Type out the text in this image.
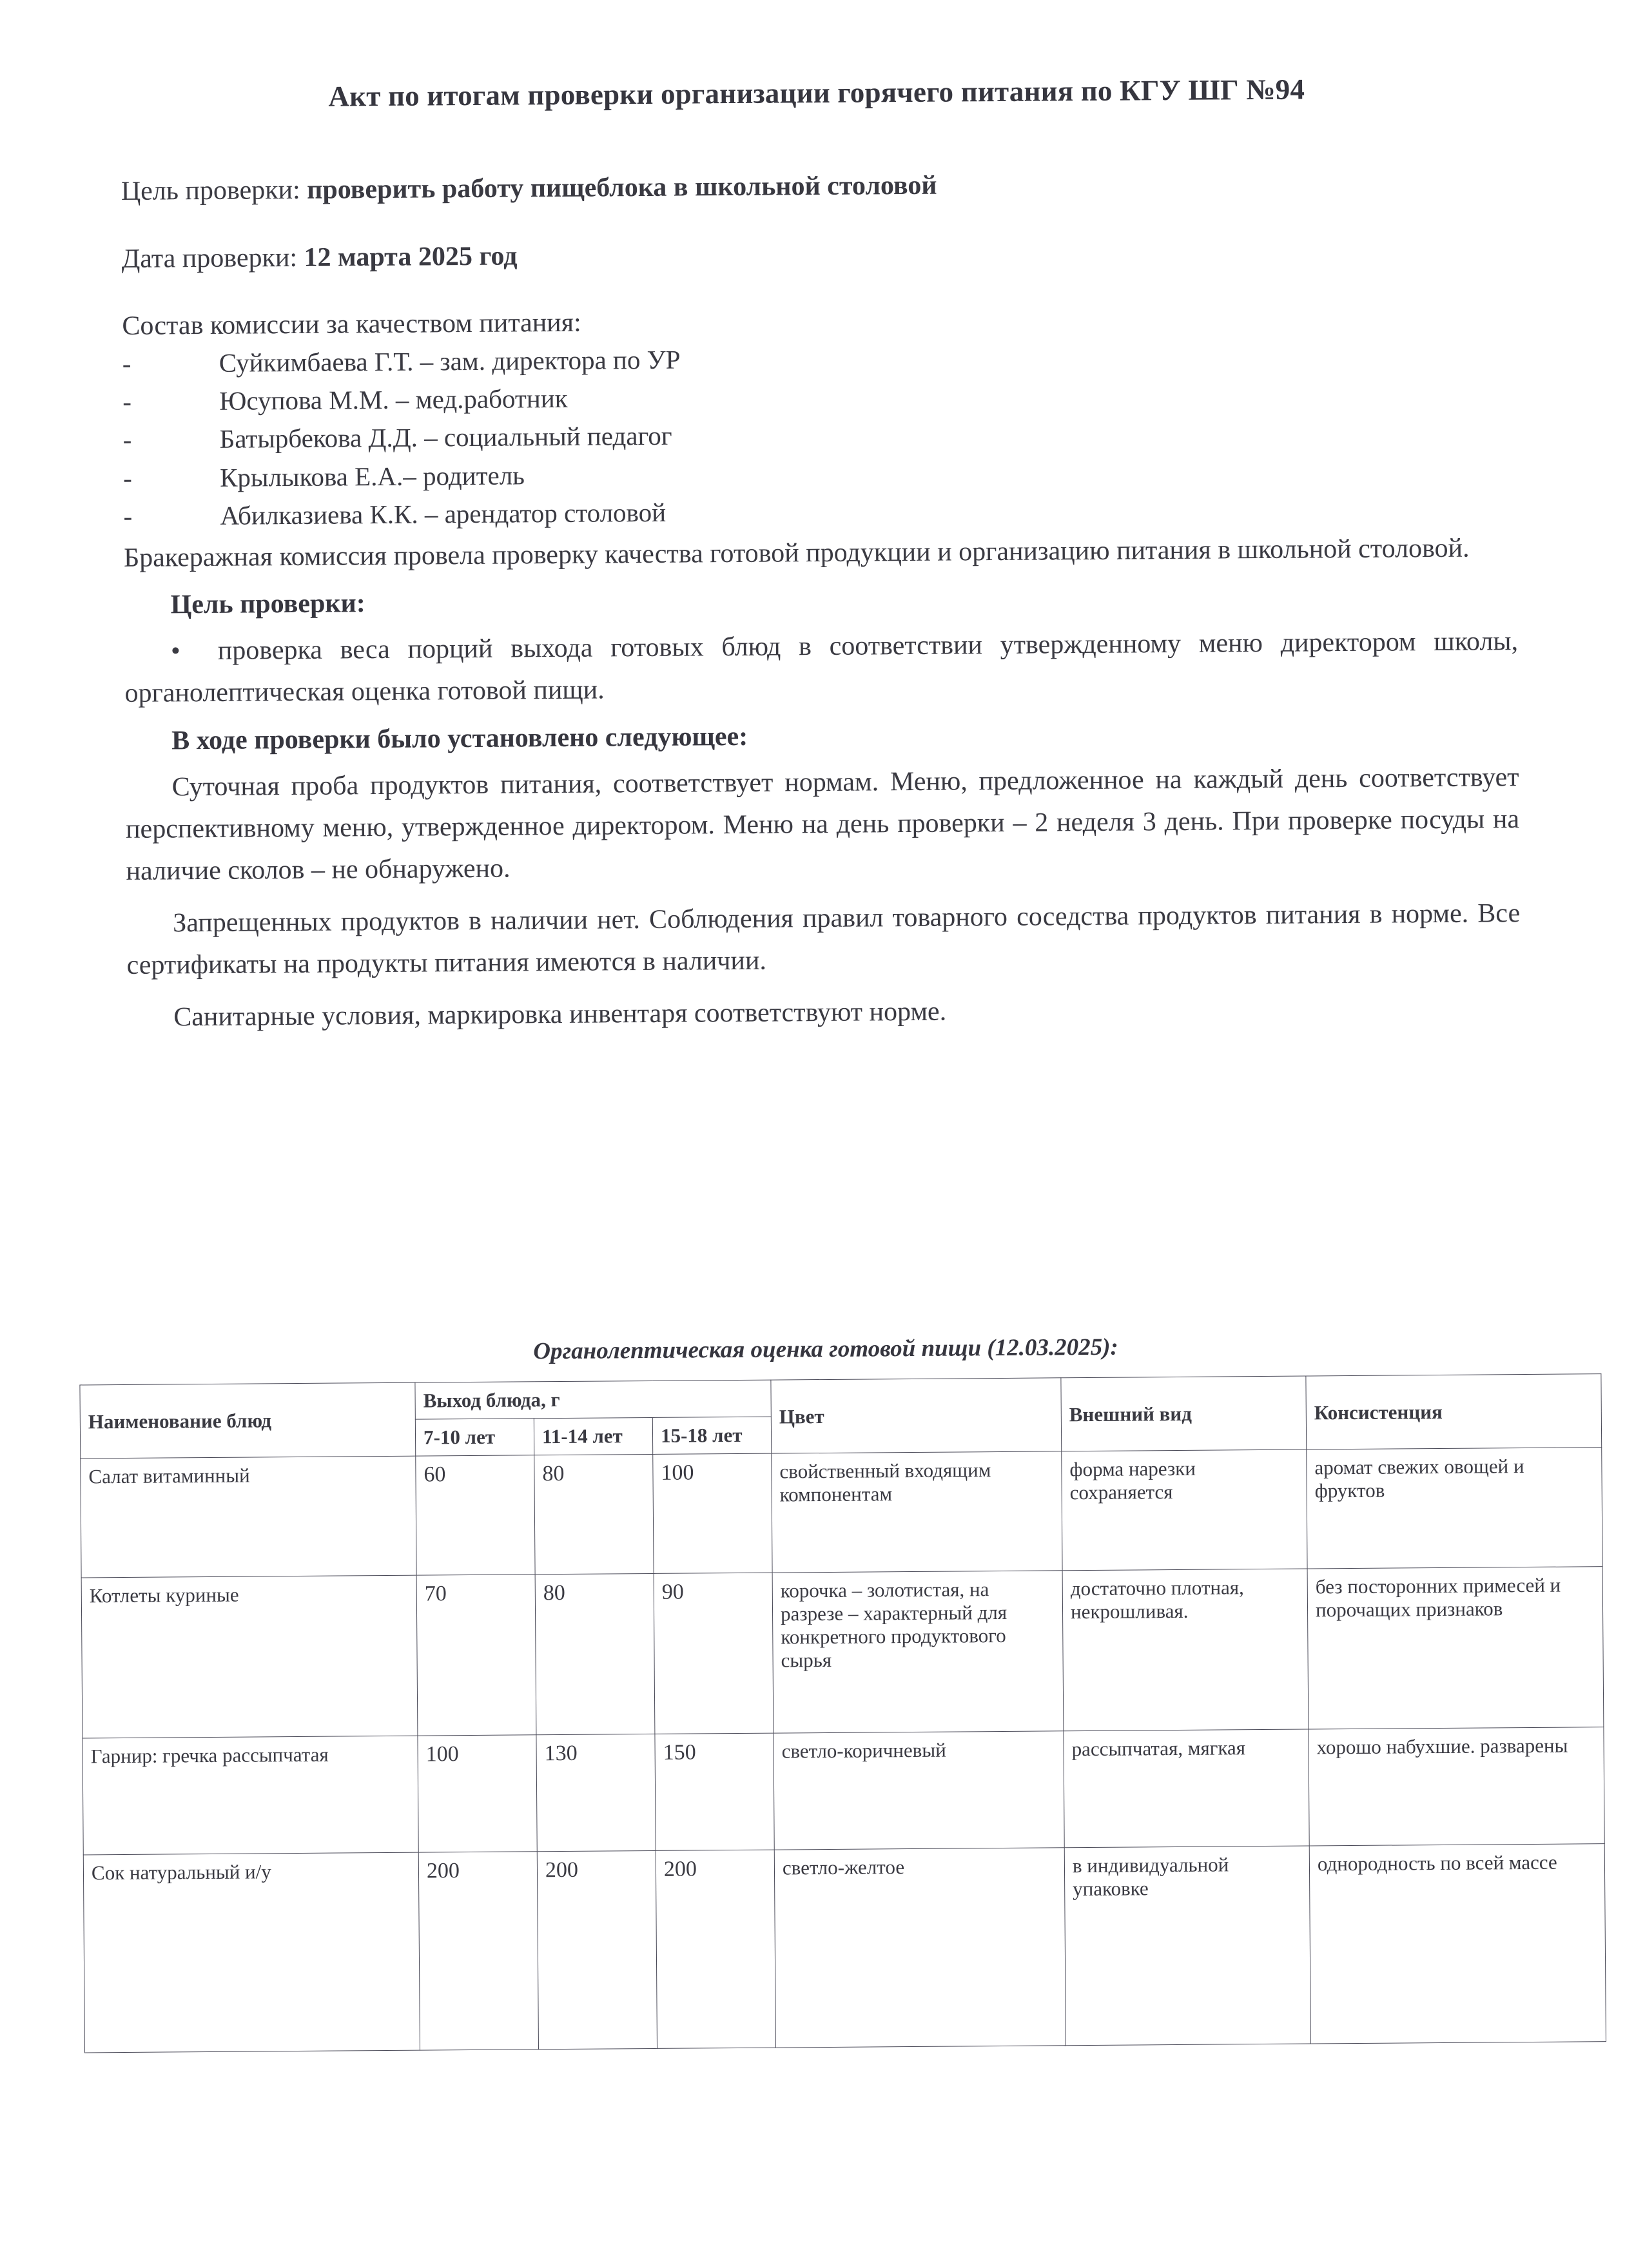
Акт по итогам проверки организации горячего питания по КГУ ШГ №94

Цель проверки: проверить работу пищеблока в школьной столовой

Дата проверки: 12 марта 2025 год

Состав комиссии за качеством питания:

-	Суйкимбаева Г.Т. – зам. директора по УР
-	Юсупова М.М. – мед.работник
-	Батырбекова Д.Д. – социальный педагог
-	Крылыкова Е.А.– родитель
-	Абилказиева К.К. – арендатор столовой

Бракеражная комиссия провела проверку качества готовой продукции и организацию питания в школьной столовой.

Цель проверки:

• проверка веса порций выхода готовых блюд в соответствии утвержденному меню директором школы, органолептическая оценка готовой пищи.

В ходе проверки было установлено следующее:

Суточная проба продуктов питания, соответствует нормам. Меню, предложенное на каждый день соответствует перспективному меню, утвержденное директором. Меню на день проверки – 2 неделя 3 день. При проверке посуды на наличие сколов – не обнаружено.

Запрещенных продуктов в наличии нет. Соблюдения правил товарного соседства продуктов питания в норме. Все сертификаты на продукты питания имеются в наличии.

Санитарные условия, маркировка инвентаря соответствуют норме.

Органолептическая оценка готовой пищи (12.03.2025):
Наименование блюд	Выход блюда, г			Цвет	Внешний вид	Консистенция
	7-10 лет	11-14 лет	15-18 лет			
Салат витаминный	60	80	100	свойственный входящим компонентам	форма нарезки сохраняется	аромат свежих овощей и фруктов
Котлеты куриные	70	80	90	корочка – золотистая, на разрезе – характерный для конкретного продуктового сырья	достаточно плотная, некрошливая.	без посторонних примесей и порочащих признаков
Гарнир: гречка рассыпчатая	100	130	150	светло-коричневый	рассыпчатая, мягкая	хорошо набухшие. разварены
Сок натуральный и/у	200	200	200	светло-желтое	в индивидуальной упаковке	однородность по всей массе
